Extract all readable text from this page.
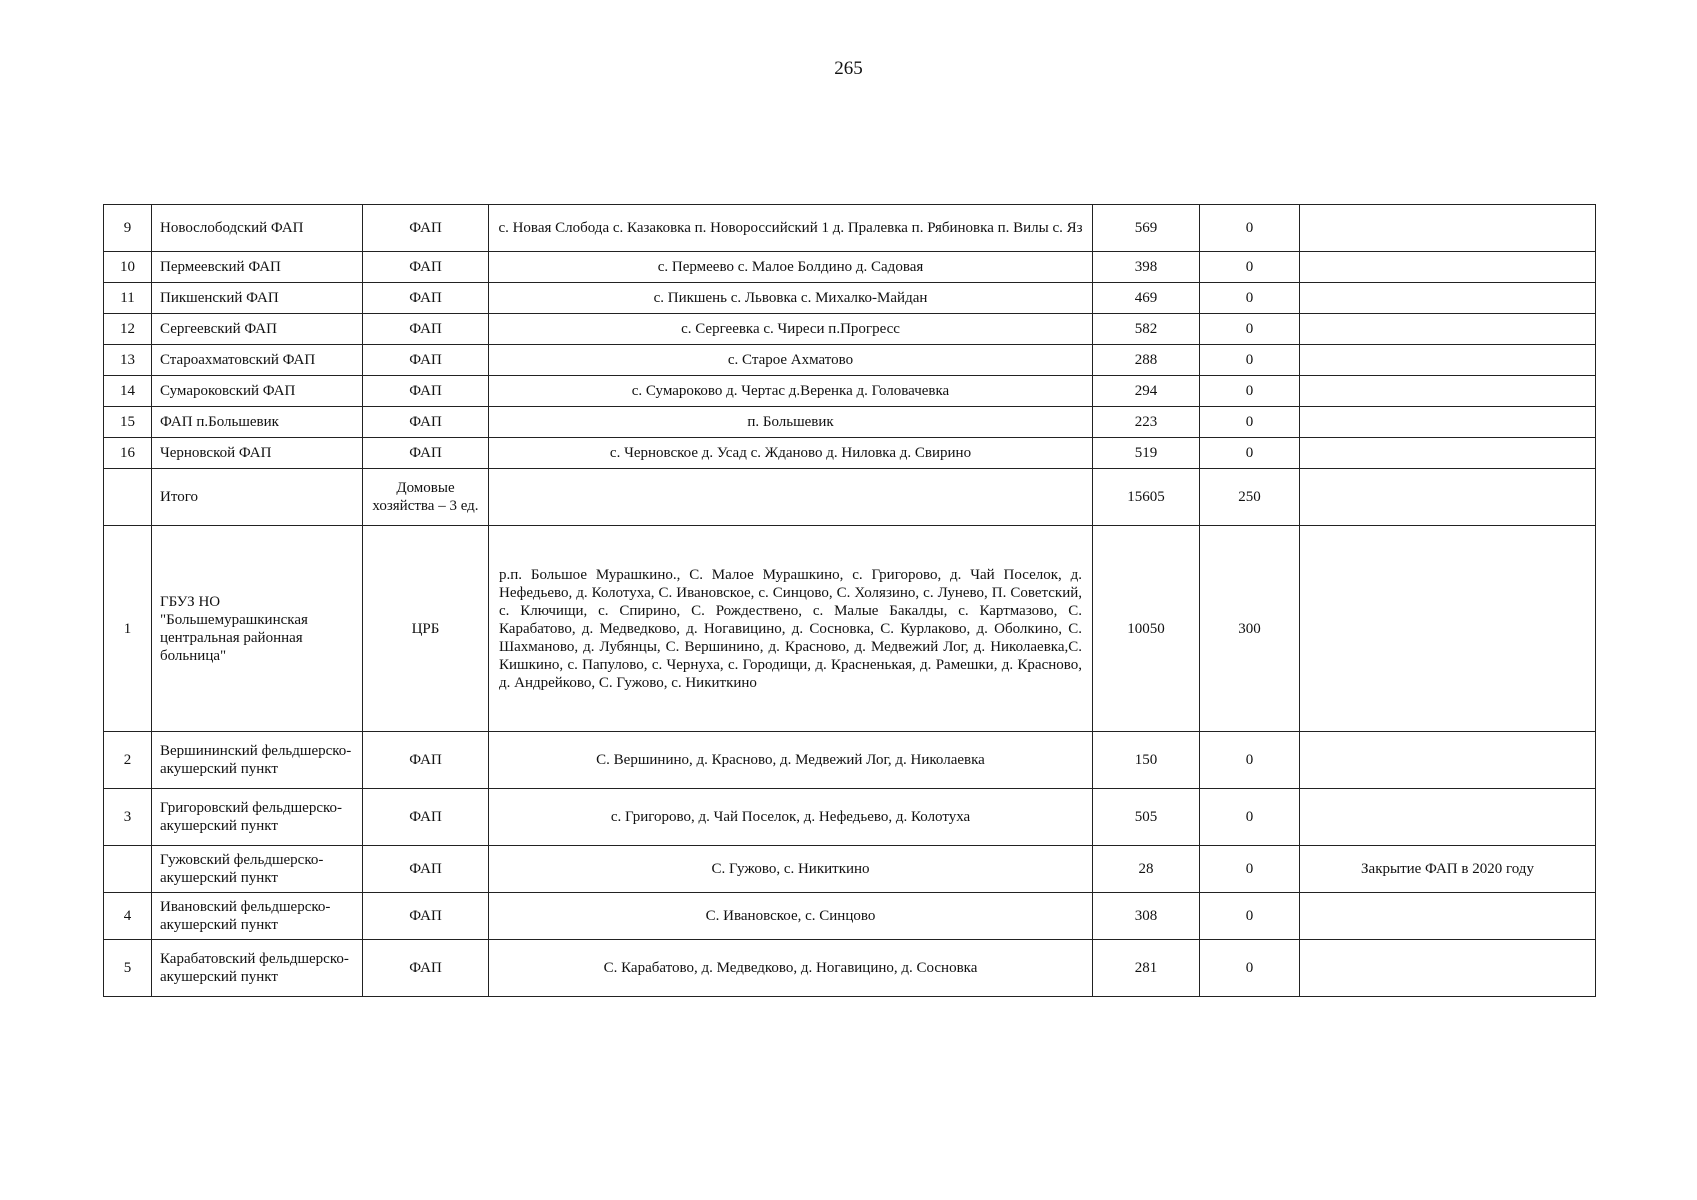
265
9	Новослободский ФАП	ФАП	с. Новая Слобода с. Казаковка п. Новороссийский 1 д. Пралевка п. Рябиновка п. Вилы с. Яз	569	0	
10	Пермеевский ФАП	ФАП	с. Пермеево с. Малое Болдино д. Садовая	398	0	
11	Пикшенский ФАП	ФАП	с. Пикшень с. Львовка с. Михалко-Майдан	469	0	
12	Сергеевский ФАП	ФАП	с. Сергеевка с. Чиреси п.Прогресс	582	0	
13	Староахматовский ФАП	ФАП	с. Старое Ахматово	288	0	
14	Сумароковский ФАП	ФАП	с. Сумароково д. Чертас д.Веренка д. Головачевка	294	0	
15	ФАП п.Большевик	ФАП	п. Большевик	223	0	
16	Черновской ФАП	ФАП	с. Черновское д. Усад с. Жданово д. Ниловка д. Свирино	519	0	
	Итого	Домовые хозяйства – 3 ед.		15605	250	
1	ГБУЗ НО "Большемурашкинская центральная районная больница"	ЦРБ	р.п. Большое Мурашкино., С. Малое Мурашкино, с. Григорово, д. Чай Поселок, д. Нефедьево, д. Колотуха, С. Ивановское, с. Синцово, С. Холязино, с. Лунево, П. Советский, с. Ключищи, с. Спирино, С. Рождествено, с. Малые Бакалды, с. Картмазово, С. Карабатово, д. Медведково, д. Ногавицино, д. Сосновка, С. Курлаково, д. Оболкино, С. Шахманово, д. Лубянцы, С. Вершинино, д. Красново, д. Медвежий Лог, д. Николаевка,С. Кишкино, с. Папулово, с. Чернуха, с. Городищи, д. Красненькая, д. Рамешки, д. Красново, д. Андрейково, С. Гужово, с. Никиткино	10050	300	
2	Вершининский фельдшерско-акушерский пункт	ФАП	С. Вершинино, д. Красново, д. Медвежий Лог, д. Николаевка	150	0	
3	Григоровский фельдшерско-акушерский пункт	ФАП	с. Григорово, д. Чай Поселок, д. Нефедьево, д. Колотуха	505	0	
	Гужовский фельдшерско-акушерский пункт	ФАП	С. Гужово, с. Никиткино	28	0	Закрытие ФАП в 2020 году
4	Ивановский фельдшерско-акушерский пункт	ФАП	С. Ивановское, с. Синцово	308	0	
5	Карабатовский фельдшерско-акушерский пункт	ФАП	С. Карабатово, д. Медведково, д. Ногавицино, д. Сосновка	281	0	
